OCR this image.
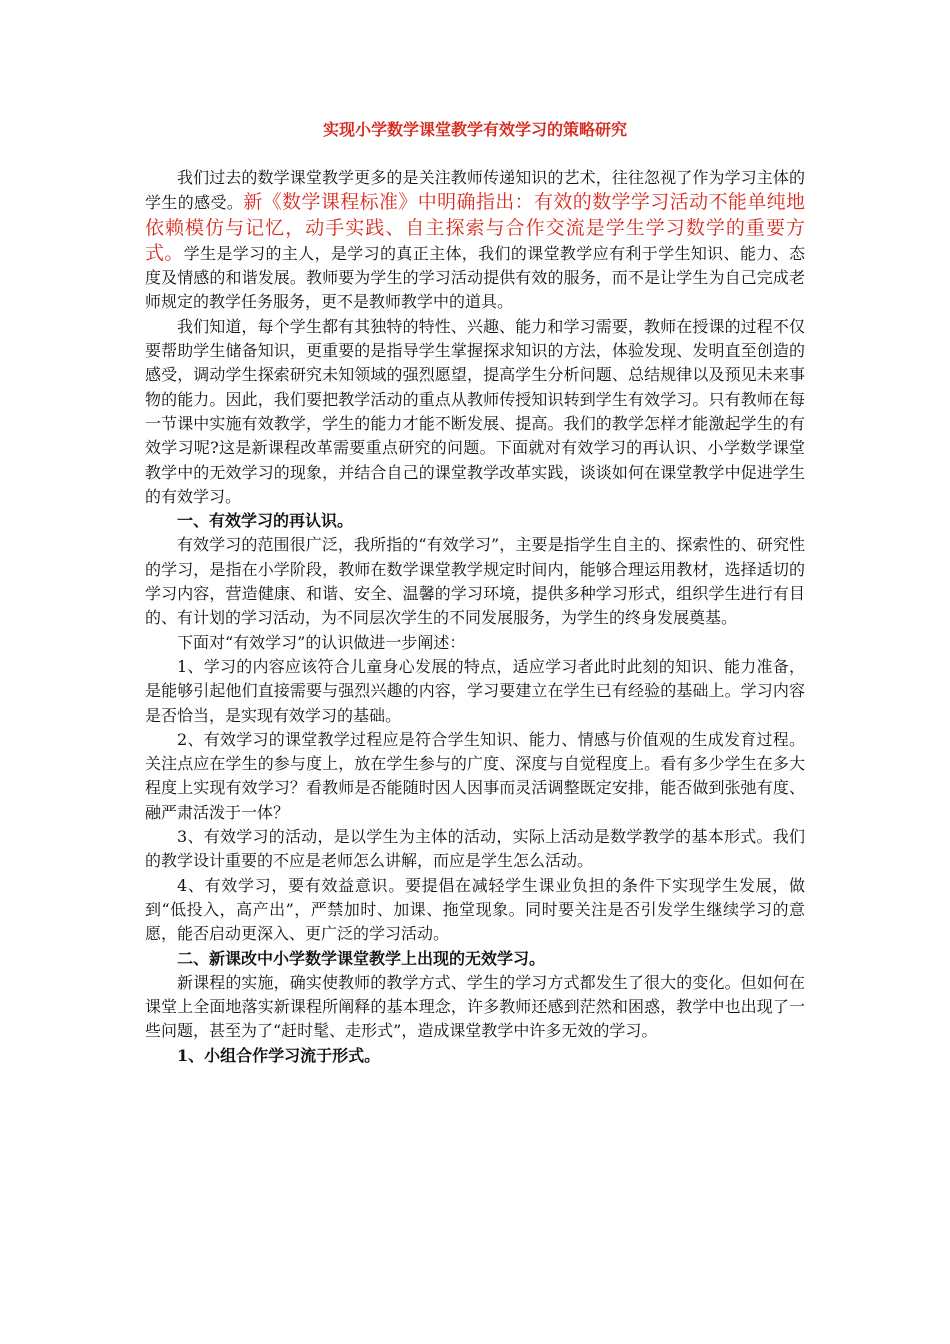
实现小学数学课堂教学有效学习的策略研究

我们过去的数学课堂教学更多的是关注教师传递知识的艺术，往往忽视了作为学习主体的学生的感受。新《数学课程标准》中明确指出：有效的数学学习活动不能单纯地依赖模仿与记忆，动手实践、自主探索与合作交流是学生学习数学的重要方式。学生是学习的主人，是学习的真正主体，我们的课堂教学应有利于学生知识、能力、态度及情感的和谐发展。教师要为学生的学习活动提供有效的服务，而不是让学生为自己完成老师规定的教学任务服务，更不是教师教学中的道具。

我们知道，每个学生都有其独特的特性、兴趣、能力和学习需要，教师在授课的过程不仅要帮助学生储备知识，更重要的是指导学生掌握探求知识的方法，体验发现、发明直至创造的感受，调动学生探索研究未知领域的强烈愿望，提高学生分析问题、总结规律以及预见未来事物的能力。因此，我们要把教学活动的重点从教师传授知识转到学生有效学习。只有教师在每一节课中实施有效教学，学生的能力才能不断发展、提高。我们的教学怎样才能激起学生的有效学习呢?这是新课程改革需要重点研究的问题。下面就对有效学习的再认识、小学数学课堂教学中的无效学习的现象，并结合自己的课堂教学改革实践，谈谈如何在课堂教学中促进学生的有效学习。

一、有效学习的再认识。

有效学习的范围很广泛，我所指的“有效学习”，主要是指学生自主的、探索性的、研究性的学习，是指在小学阶段，教师在数学课堂教学规定时间内，能够合理运用教材，选择适切的学习内容，营造健康、和谐、安全、温馨的学习环境，提供多种学习形式，组织学生进行有目的、有计划的学习活动，为不同层次学生的不同发展服务，为学生的终身发展奠基。

下面对“有效学习”的认识做进一步阐述：

1、学习的内容应该符合儿童身心发展的特点，适应学习者此时此刻的知识、能力准备，是能够引起他们直接需要与强烈兴趣的内容，学习要建立在学生已有经验的基础上。学习内容是否恰当，是实现有效学习的基础。

2、有效学习的课堂教学过程应是符合学生知识、能力、情感与价值观的生成发育过程。关注点应在学生的参与度上，放在学生参与的广度、深度与自觉程度上。看有多少学生在多大程度上实现有效学习？看教师是否能随时因人因事而灵活调整既定安排，能否做到张弛有度、融严肃活泼于一体？

3、有效学习的活动，是以学生为主体的活动，实际上活动是数学教学的基本形式。我们的教学设计重要的不应是老师怎么讲解，而应是学生怎么活动。

4、有效学习，要有效益意识。要提倡在减轻学生课业负担的条件下实现学生发展，做到“低投入，高产出”，严禁加时、加课、拖堂现象。同时要关注是否引发学生继续学习的意愿，能否启动更深入、更广泛的学习活动。

二、新课改中小学数学课堂教学上出现的无效学习。

新课程的实施，确实使教师的教学方式、学生的学习方式都发生了很大的变化。但如何在课堂上全面地落实新课程所阐释的基本理念，许多教师还感到茫然和困惑，教学中也出现了一些问题，甚至为了“赶时髦、走形式”，造成课堂教学中许多无效的学习。

1、小组合作学习流于形式。
